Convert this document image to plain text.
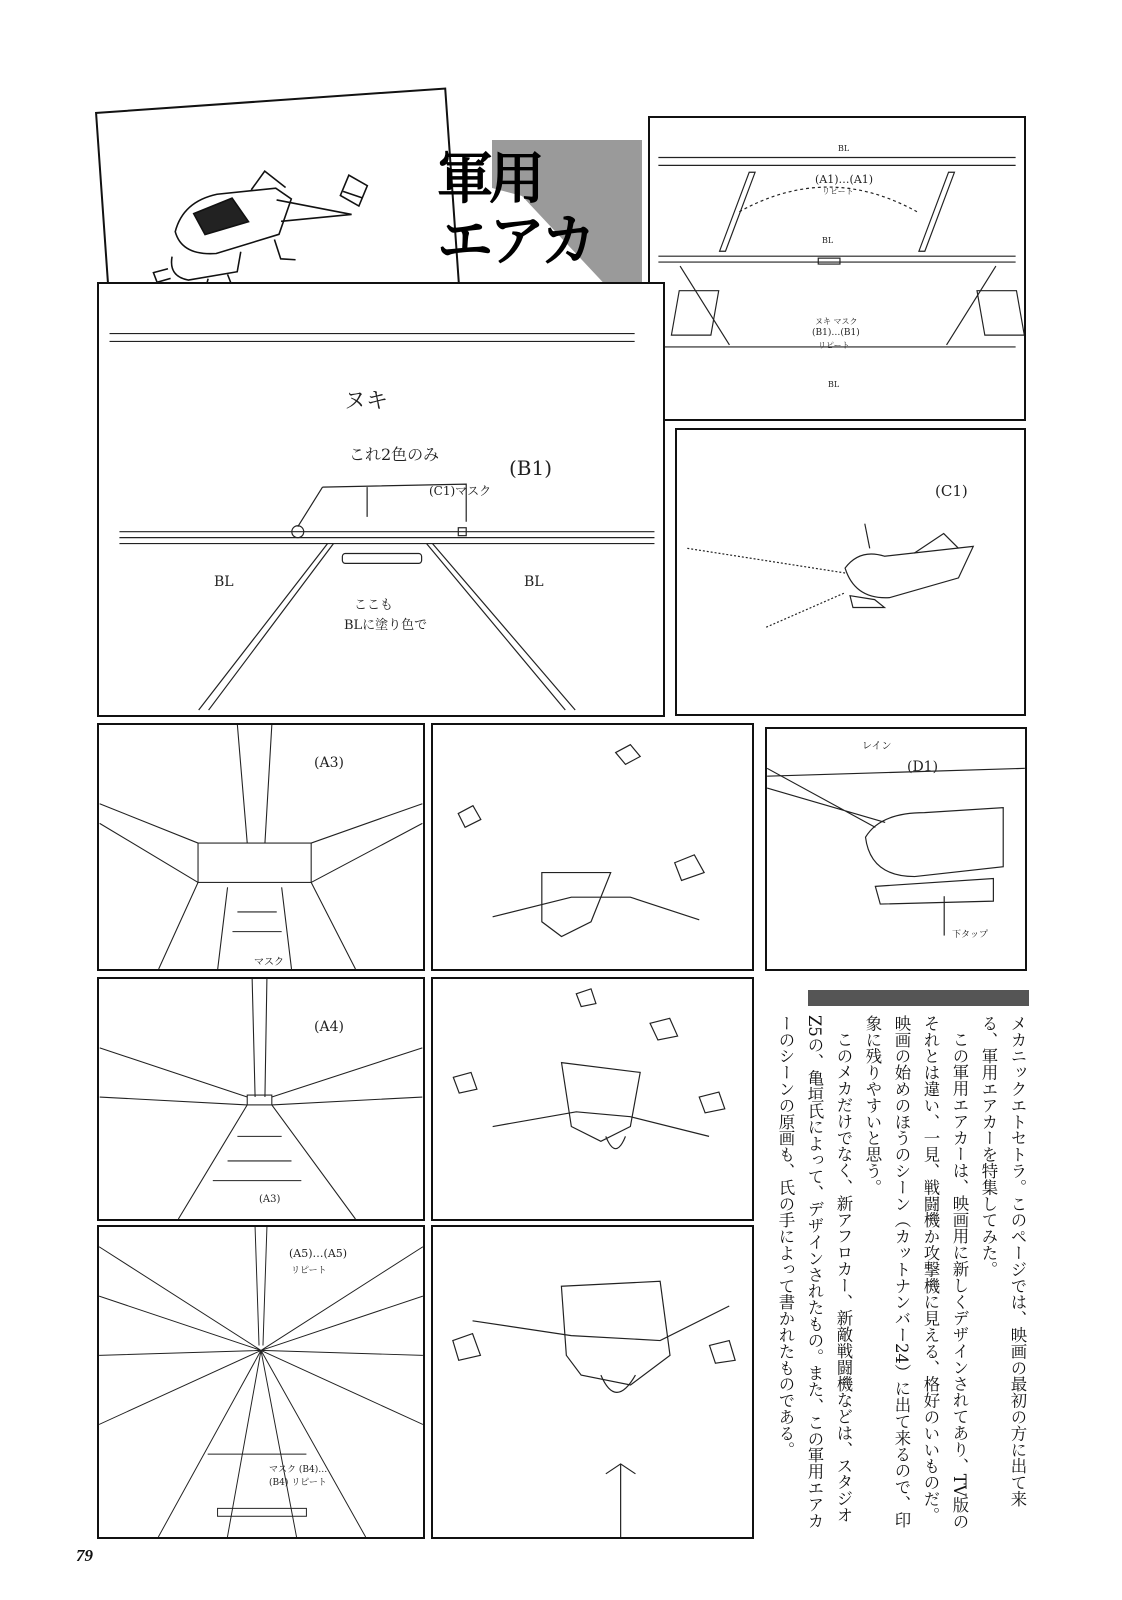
軍用
エアカ
(A1)…(A1)
リピート
BL
BL
ヌキ マスク
(B1)…(B1)
リピート
BL
ヌキ
これ2色のみ
(B1)
(C1)マスク
BL	BL
ここも
BLに塗り色で
(C1)
(A3)
マスク
レイン
(D1)
下タップ
(A4)
(A3)
(A5)…(A5)
リピート
マスク (B4)…(B4) リピート	メカニックエトセトラ。このページでは、映画の最初の方に出て来る、軍用エアカーを特集してみた。

この軍用エアカーは、映画用に新しくデザインされてあり、TV版のそれとは違い、一見、戦闘機か攻撃機に見える、格好のいいものだ。映画の始めのほうのシーン（カットナンバー24）に出て来るので、印象に残りやすいと思う。

このメカだけでなく、新アフロカー、新敵戦闘機などは、スタジオZ5の、亀垣氏によって、デザインされたもの。また、この軍用エアカーのシーンの原画も、氏の手によって書かれたものである。

79
